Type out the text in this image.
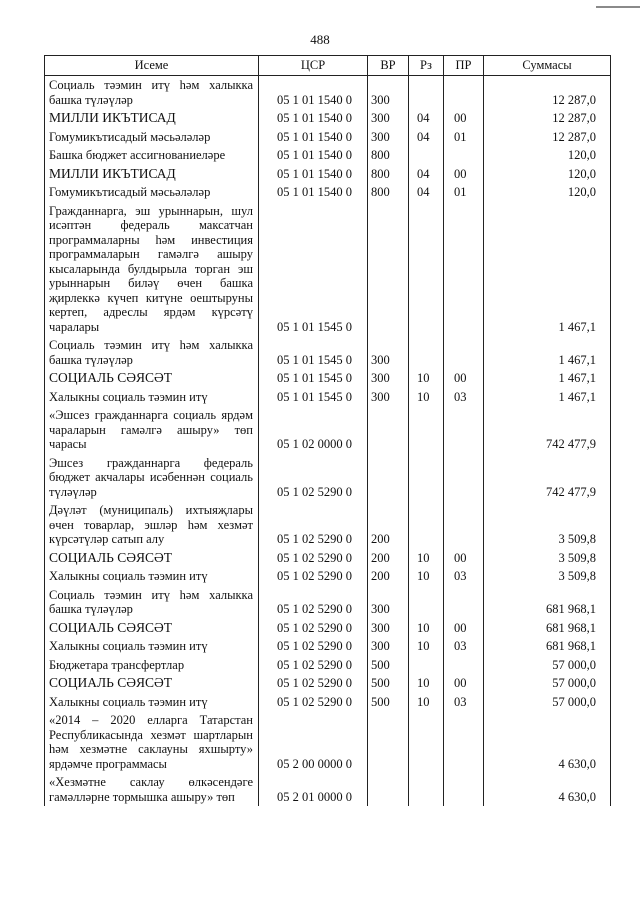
488
Исеме	ЦСР	ВР	Рз	ПР	Суммасы
Социаль тәэмин итү һәм халыкка башка түләүләр	05 1 01 1540 0	300			12 287,0
МИЛЛИ ИКЪТИСАД	05 1 01 1540 0	300	04	00	12 287,0
Гомумикътисадый мәсьәләләр	05 1 01 1540 0	300	04	01	12 287,0
Башка бюджет ассигнованиеләре	05 1 01 1540 0	800			120,0
МИЛЛИ ИКЪТИСАД	05 1 01 1540 0	800	04	00	120,0
Гомумикътисадый мәсьәләләр	05 1 01 1540 0	800	04	01	120,0
Гражданнарга, эш урыннарын, шул исәптән федераль максатчан программаларны һәм инвестиция программаларын гамәлгә ашыру кысаларында булдырыла торган эш урыннарын биләү өчен башка җирлеккә күчеп китүне оештыруны кертеп, адреслы ярдәм күрсәтү чаралары	05 1 01 1545 0				1 467,1
Социаль тәэмин итү һәм халыкка башка түләүләр	05 1 01 1545 0	300			1 467,1
СОЦИАЛЬ СӘЯСӘТ	05 1 01 1545 0	300	10	00	1 467,1
Халыкны социаль тәэмин итү	05 1 01 1545 0	300	10	03	1 467,1
«Эшсез гражданнарга социаль ярдәм чараларын гамәлгә ашыру» төп чарасы	05 1 02 0000 0				742 477,9
Эшсез гражданнарга федераль бюджет акчалары исәбеннән социаль түләүләр	05 1 02 5290 0				742 477,9
Дәүләт (муниципаль) ихтыяҗлары өчен товарлар, эшләр һәм хезмәт күрсәтүләр сатып алу	05 1 02 5290 0	200			3 509,8
СОЦИАЛЬ СӘЯСӘТ	05 1 02 5290 0	200	10	00	3 509,8
Халыкны социаль тәэмин итү	05 1 02 5290 0	200	10	03	3 509,8
Социаль тәэмин итү һәм халыкка башка түләүләр	05 1 02 5290 0	300			681 968,1
СОЦИАЛЬ СӘЯСӘТ	05 1 02 5290 0	300	10	00	681 968,1
Халыкны социаль тәэмин итү	05 1 02 5290 0	300	10	03	681 968,1
Бюджетара трансфертлар	05 1 02 5290 0	500			57 000,0
СОЦИАЛЬ СӘЯСӘТ	05 1 02 5290 0	500	10	00	57 000,0
Халыкны социаль тәэмин итү	05 1 02 5290 0	500	10	03	57 000,0
«2014 – 2020 елларга Татарстан Республикасында хезмәт шартларын һәм хезмәтне саклауны яхшырту» ярдәмче программасы	05 2 00 0000 0				4 630,0
«Хезмәтне саклау өлкәсендәге гамәлләрне тормышка ашыру» төп	05 2 01 0000 0				4 630,0
